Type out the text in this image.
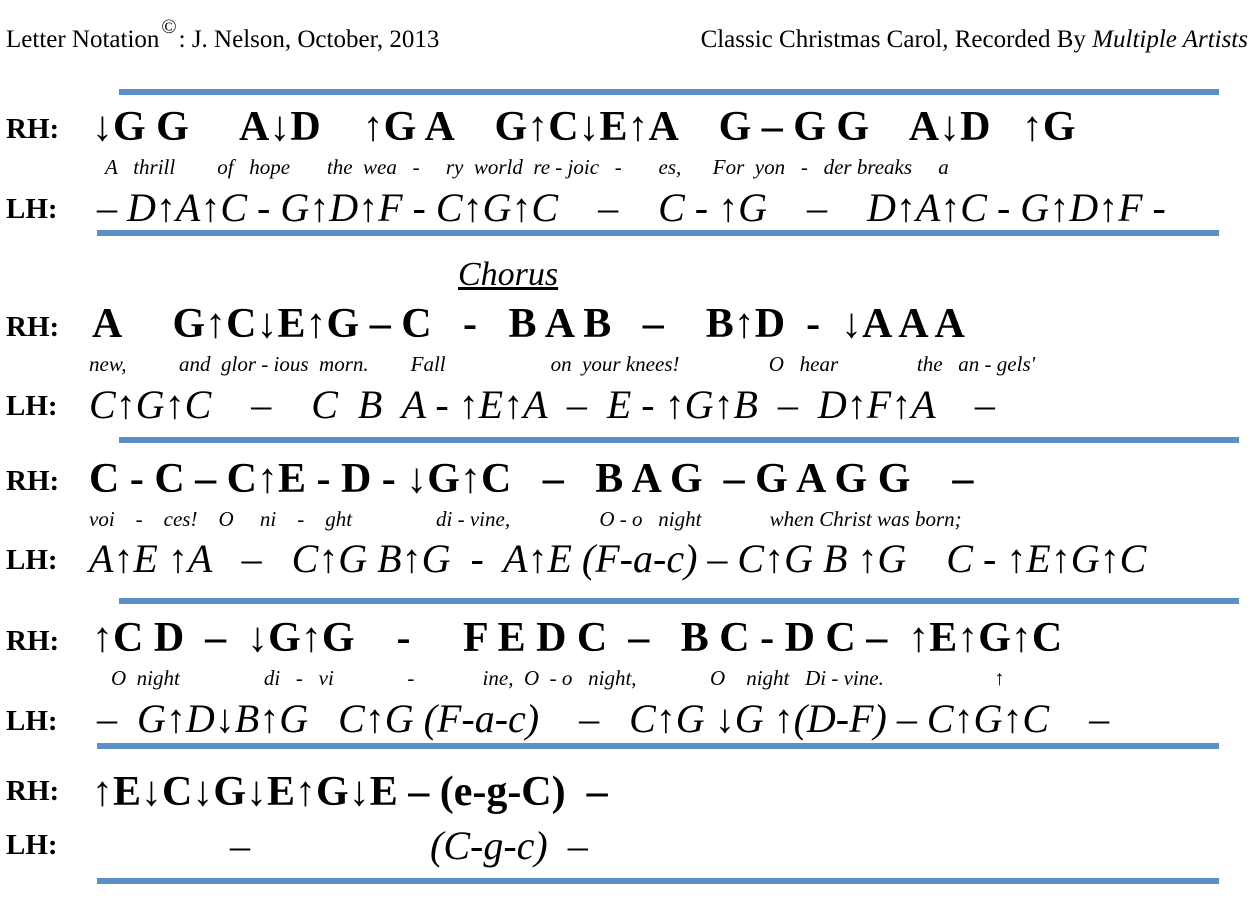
Letter Notation ©: J. Nelson, October, 2013	Classic Christmas Carol, Recorded By Multiple Artists
RH: ↓G G     A↓D    ↑G A    G↑C↓E↑A    G – G G    A↓D   ↑G
A   thrill        of   hope       the  wea   -     ry  world  re - joic   -       es,      For  yon   -   der breaks     a
LH: – D↑A↑C - G↑D↑F - C↑G↑C    –    C - ↑G    –    D↑A↑C - G↑D↑F -
Chorus
RH: A     G↑C↓E↑G – C   -   B A B   –    B↑D  -  ↓A A A
new,          and  glor - ious  morn.        Fall                    on  your knees!                 O   hear               the   an - gels'
LH: C↑G↑C    –    C  B  A - ↑E↑A  –  E - ↑G↑B  –  D↑F↑A    –
RH: C - C – C↑E - D - ↓G↑C   –   B A G  – G A G G    –
voi    -    ces!    O     ni    -    ght                di - vine,                 O - o   night             when Christ was born;
LH: A↑E ↑A   –   C↑G B↑G  -  A↑E (F-a-c) – C↑G B ↑G    C - ↑E↑G↑C
RH: ↑C D  –  ↓G↑G    -     F E D C  –   B C - D C –  ↑E↑G↑C
O  night                di   -   vi              -             ine,  O  - o   night,              O    night   Di - vine.                     ↑
LH: –  G↑D↓B↑G   C↑G (F-a-c)    –   C↑G ↓G ↑(D-F) – C↑G↑C    –
RH: ↑E↓C↓G↓E↑G↓E – (e-g-C)  –
LH:	–                  (C-g-c)  –
